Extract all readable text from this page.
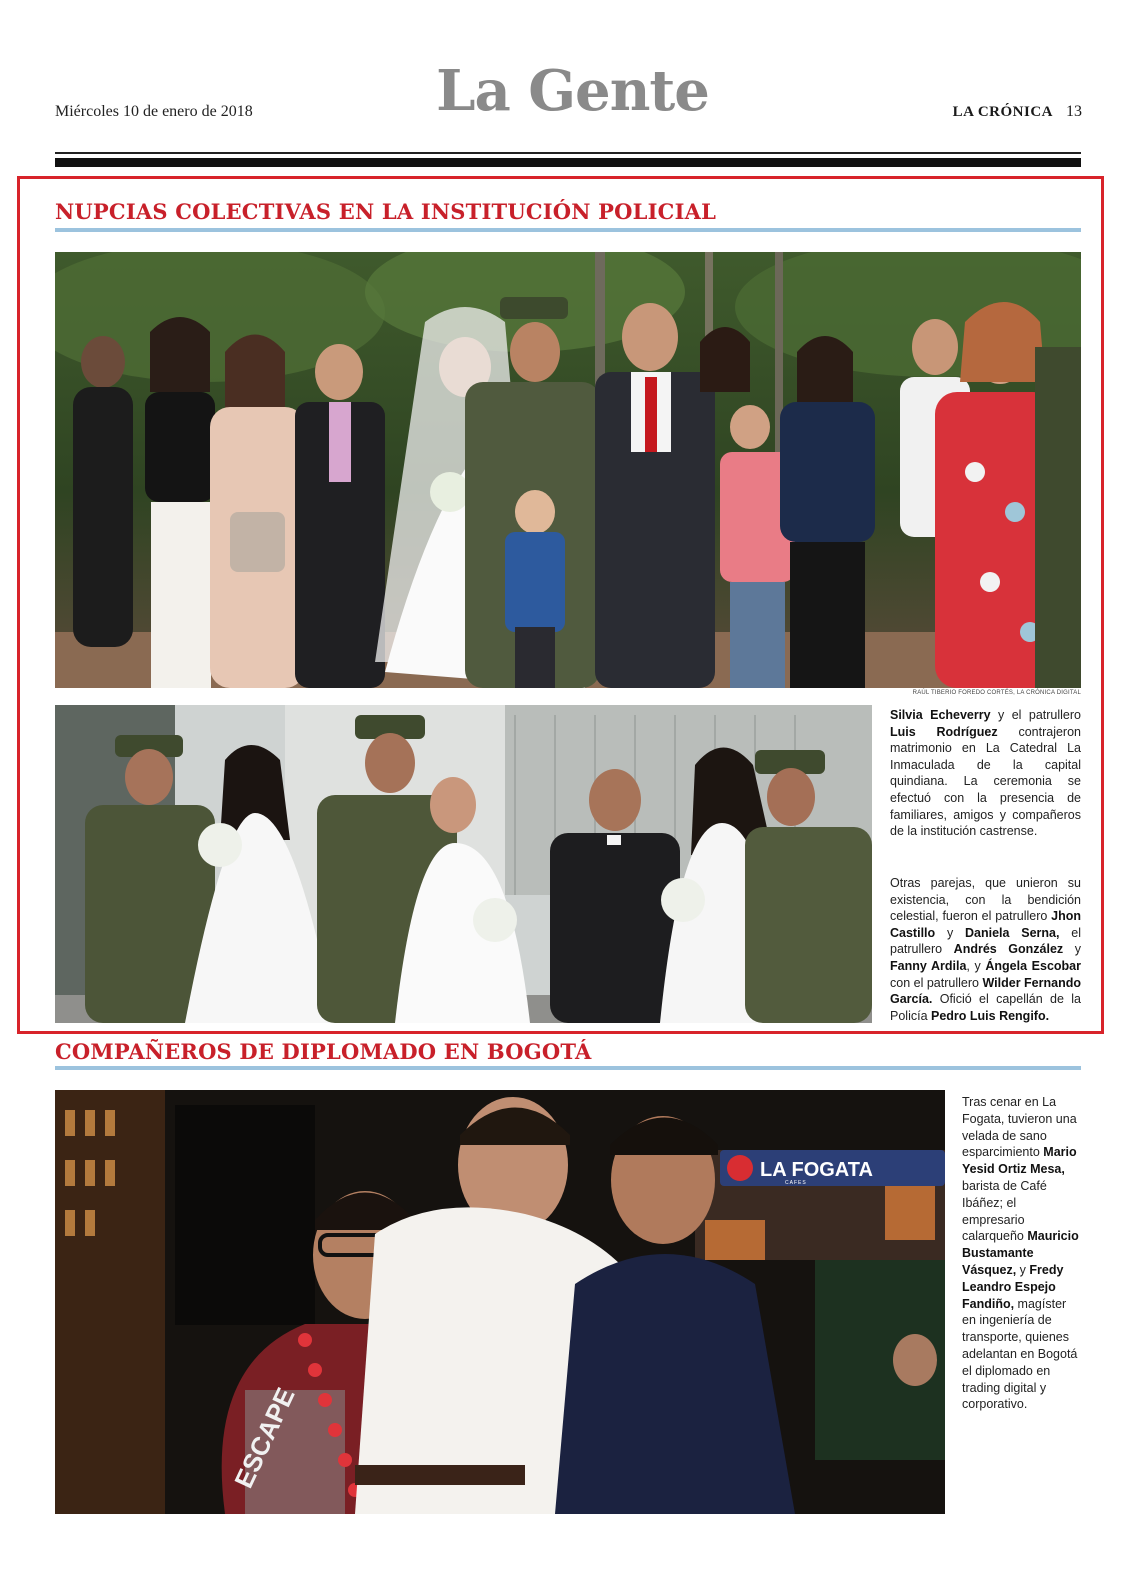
Miércoles 10 de enero de 2018	La Gente	LA CRÓNICA 13
NUPCIAS COLECTIVAS EN LA INSTITUCIÓN POLICIAL
RAÚL TIBERIO FOREDO CORTÉS, LA CRÓNICA DIGITAL
Silvia Echeverry y el patrullero Luis Rodríguez contrajeron matrimonio en La Catedral La Inmaculada de la capital quindiana. La ceremonia se efectuó con la presencia de familiares, amigos y compañeros de la institución castrense.
Otras parejas, que unieron su existencia, con la bendición celestial, fueron el patrullero Jhon Castillo y Daniela Serna, el patrullero Andrés González y Fanny Ardila, y Ángela Escobar con el patrullero Wilder Fernando García. Ofició el capellán de la Policía Pedro Luis Rengifo.
COMPAÑEROS DE DIPLOMADO EN BOGOTÁ
LA FOGATA
CAFES
ESCAPE
Tras cenar en La Fogata, tuvieron una velada de sano esparcimiento Mario Yesid Ortiz Mesa, barista de Café Ibáñez; el empresario calarqueño Mauricio Bustamante Vásquez, y Fredy Leandro Espejo Fandiño, magíster en ingeniería de transporte, quienes adelantan en Bogotá el diplomado en trading digital y corporativo.
